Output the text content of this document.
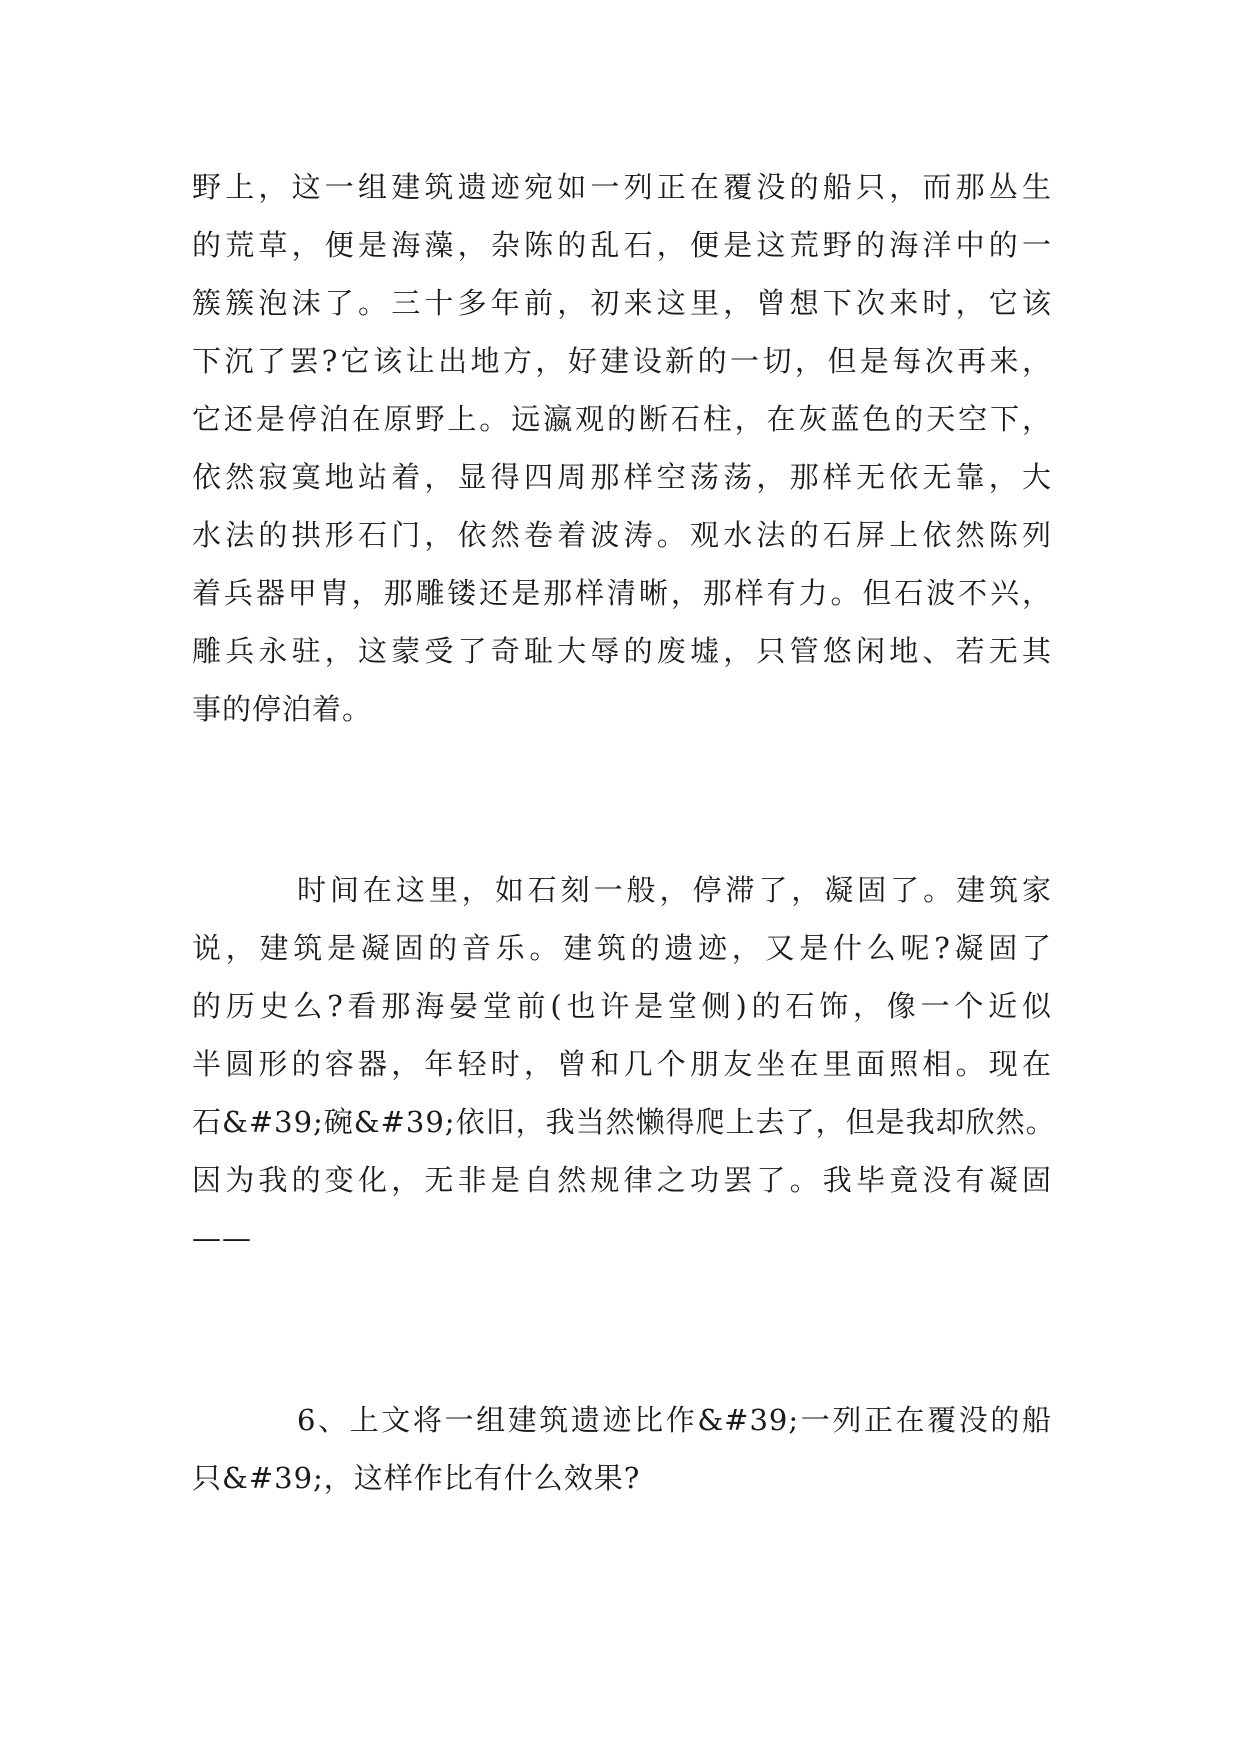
野上，这一组建筑遗迹宛如一列正在覆没的船只，而那丛生
的荒草，便是海藻，杂陈的乱石，便是这荒野的海洋中的一
簇簇泡沫了。三十多年前，初来这里，曾想下次来时，它该
下沉了罢?它该让出地方，好建设新的一切，但是每次再来，
它还是停泊在原野上。远瀛观的断石柱，在灰蓝色的天空下，
依然寂寞地站着，显得四周那样空荡荡，那样无依无靠，大
水法的拱形石门，依然卷着波涛。观水法的石屏上依然陈列
着兵器甲胄，那雕镂还是那样清晰，那样有力。但石波不兴，
雕兵永驻，这蒙受了奇耻大辱的废墟，只管悠闲地、若无其
事的停泊着。
时间在这里，如石刻一般，停滞了，凝固了。建筑家
说，建筑是凝固的音乐。建筑的遗迹，又是什么呢?凝固了
的历史么?看那海晏堂前(也许是堂侧)的石饰，像一个近似
半圆形的容器，年轻时，曾和几个朋友坐在里面照相。现在
石&#39;碗&#39;依旧，我当然懒得爬上去了，但是我却欣然。
因为我的变化，无非是自然规律之功罢了。我毕竟没有凝固
——
6、上文将一组建筑遗迹比作&#39;一列正在覆没的船
只&#39;，这样作比有什么效果?
